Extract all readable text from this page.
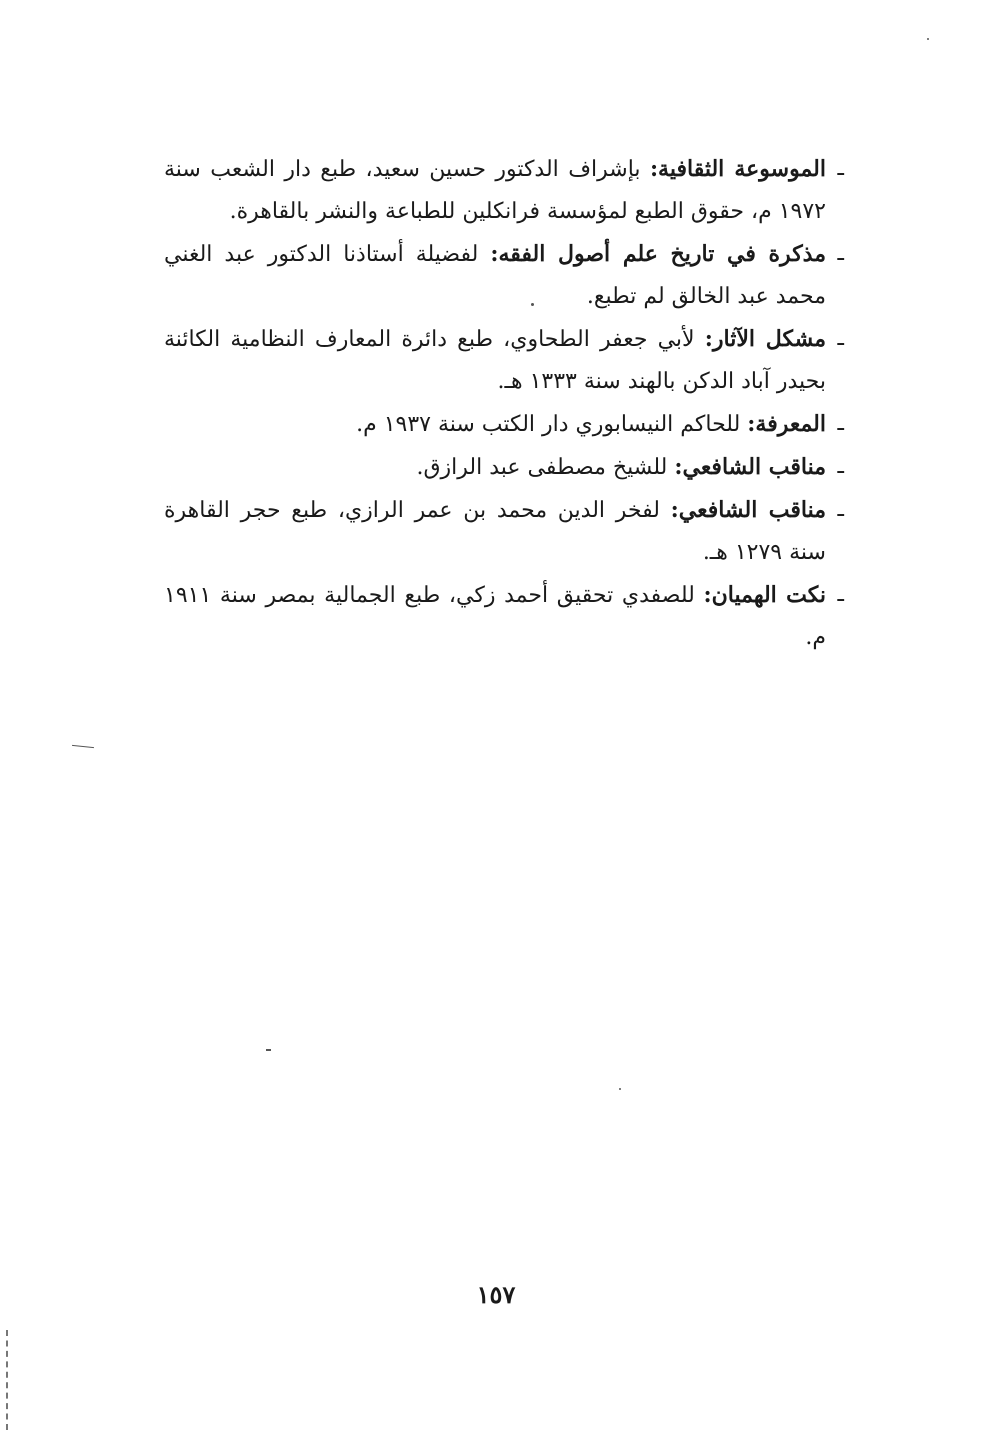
ـ
الموسوعة الثقافية: بإشراف الدكتور حسين سعيد، طبع دار الشعب سنة ١٩٧٢ م، حقوق الطبع لمؤسسة فرانكلين للطباعة والنشر بالقاهرة.
ـ
مذكرة في تاريخ علم أصول الفقه: لفضيلة أستاذنا الدكتور عبد الغني محمد عبد الخالق لم تطبع.
ـ
مشكل الآثار: لأبي جعفر الطحاوي، طبع دائرة المعارف النظامية الكائنة بحيدر آباد الدكن بالهند سنة ١٣٣٣ هـ.
ـ
المعرفة: للحاكم النيسابوري دار الكتب سنة ١٩٣٧ م.
ـ
مناقب الشافعي: للشيخ مصطفى عبد الرازق.
ـ
مناقب الشافعي: لفخر الدين محمد بن عمر الرازي، طبع حجر القاهرة سنة ١٢٧٩ هـ.
ـ
نكت الهميان: للصفدي تحقيق أحمد زكي، طبع الجمالية بمصر سنة ١٩١١ م.
١٥٧
